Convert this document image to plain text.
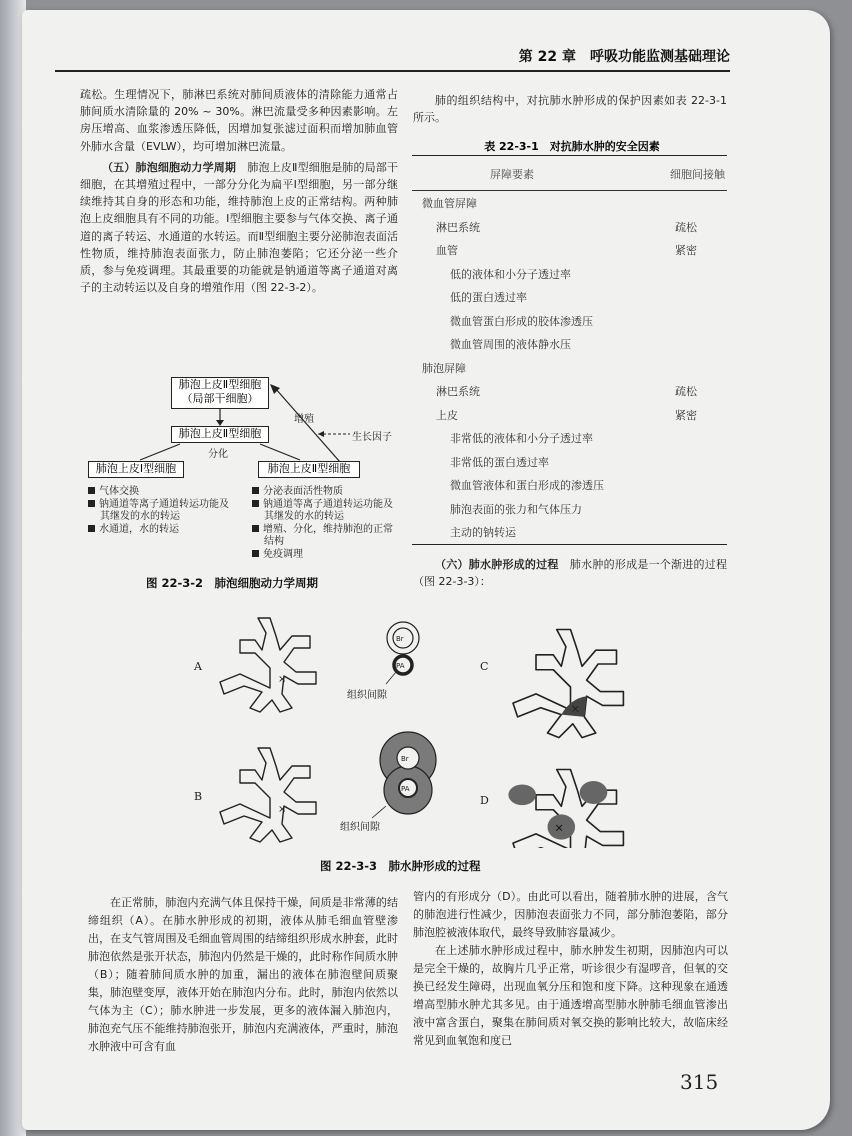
第 22 章　 呼吸功能监测基础理论

疏松。生理情况下，肺淋巴系统对肺间质液体的清除能力通常占肺间质水清除量的 20% ~ 30%。淋巴流量受多种因素影响。左房压增高、血浆渗透压降低，因增加复张滤过面积而增加肺血管外肺水含量（EVLW），均可增加淋巴流量。

（五）肺泡细胞动力学周期　 肺泡上皮Ⅱ型细胞是肺的局部干细胞，在其增殖过程中，一部分分化为扁平Ⅰ型细胞，另一部分继续维持其自身的形态和功能，维持肺泡上皮的正常结构。两种肺泡上皮细胞具有不同的功能。Ⅰ型细胞主要参与气体交换、离子通道的离子转运、水通道的水转运。而Ⅱ型细胞主要分泌肺泡表面活性物质，维持肺泡表面张力，防止肺泡萎陷；它还分泌一些介质，参与免疫调理。其最重要的功能就是钠通道等离子通道对离子的主动转运以及自身的增殖作用（图 22-3-2）。

肺的组织结构中，对抗肺水肿形成的保护因素如表 22-3-1 所示。
表 22-3-1　对抗肺水肿的安全因素
屏障要素	细胞间接触
微血管屏障
淋巴系统	疏松
血管	紧密
低的液体和小分子透过率
低的蛋白透过率
微血管蛋白形成的胶体渗透压
微血管周围的液体静水压
肺泡屏障
淋巴系统	疏松
上皮	紧密
非常低的液体和小分子透过率
非常低的蛋白透过率
微血管液体和蛋白形成的渗透压
肺泡表面的张力和气体压力
主动的钠转运
（六）肺水肿形成的过程　 肺水肿的形成是一个渐进的过程（图 22-3-3）：
肺泡上皮Ⅱ型细胞
（局部干细胞）
肺泡上皮Ⅱ型细胞
肺泡上皮Ⅰ型细胞	肺泡上皮Ⅱ型细胞
增殖
生长因子
分化
气体交换
钠通道等离子通道转运功能及其继发的水的转运
水通道，水的转运
分泌表面活性物质
钠通道等离子通道转运功能及其继发的水的转运
增殖、分化，维持肺泡的正常结构
免疫调理
图 22-3-2　肺泡细胞动力学周期
A
×
B
×
Br
PA
Br
PA
C
×
D
×
组织间隙
组织间隙
图 22-3-3　肺水肿形成的过程
在正常肺，肺泡内充满气体且保持干燥，间质是非常薄的结缔组织（A）。在肺水肿形成的初期，液体从肺毛细血管壁渗出，在支气管周围及毛细血管周围的结缔组织形成水肿套，此时肺泡依然是张开状态，肺泡内仍然是干燥的，此时称作间质水肿（B）；随着肺间质水肿的加重，漏出的液体在肺泡壁间质聚集，肺泡壁变厚，液体开始在肺泡内分布。此时，肺泡内依然以气体为主（C）；肺水肿进一步发展，更多的液体漏入肺泡内，肺泡充气压不能维持肺泡张开，肺泡内充满液体，严重时，肺泡水肿液中可含有血

管内的有形成分（D）。由此可以看出，随着肺水肿的进展，含气的肺泡进行性减少，因肺泡表面张力不同，部分肺泡萎陷，部分肺泡腔被液体取代，最终导致肺容量减少。

在上述肺水肿形成过程中，肺水肿发生初期，因肺泡内可以是完全干燥的，故胸片几乎正常，听诊很少有湿啰音，但氧的交换已经发生障碍，出现血氧分压和饱和度下降。这种现象在通透增高型肺水肿尤其多见。由于通透增高型肺水肿肺毛细血管渗出液中富含蛋白，聚集在肺间质对氧交换的影响比较大，故临床经常见到血氧饱和度已

315
